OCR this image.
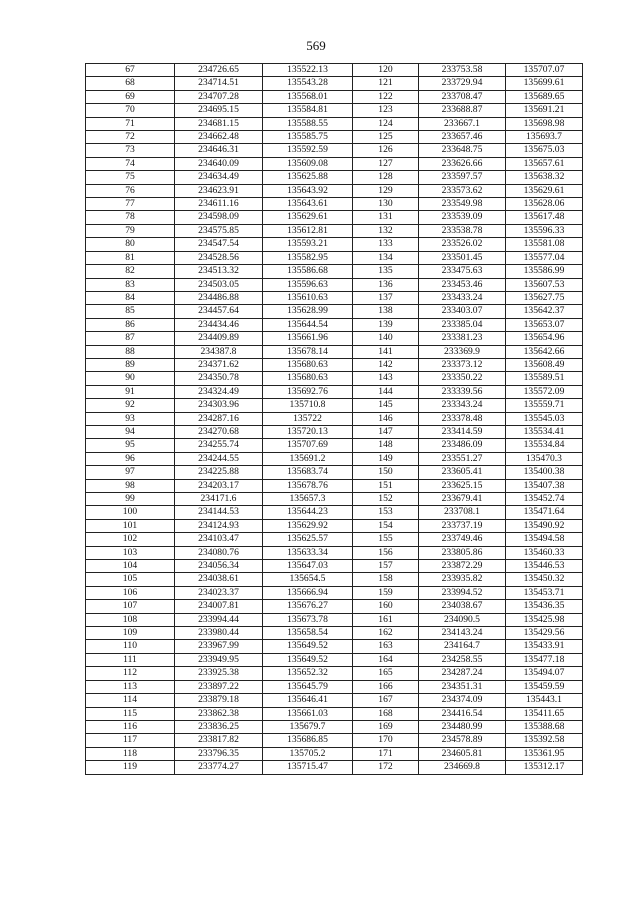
569
67	234726.65	135522.13	120	233753.58	135707.07
68	234714.51	135543.28	121	233729.94	135699.61
69	234707.28	135568.01	122	233708.47	135689.65
70	234695.15	135584.81	123	233688.87	135691.21
71	234681.15	135588.55	124	233667.1	135698.98
72	234662.48	135585.75	125	233657.46	135693.7
73	234646.31	135592.59	126	233648.75	135675.03
74	234640.09	135609.08	127	233626.66	135657.61
75	234634.49	135625.88	128	233597.57	135638.32
76	234623.91	135643.92	129	233573.62	135629.61
77	234611.16	135643.61	130	233549.98	135628.06
78	234598.09	135629.61	131	233539.09	135617.48
79	234575.85	135612.81	132	233538.78	135596.33
80	234547.54	135593.21	133	233526.02	135581.08
81	234528.56	135582.95	134	233501.45	135577.04
82	234513.32	135586.68	135	233475.63	135586.99
83	234503.05	135596.63	136	233453.46	135607.53
84	234486.88	135610.63	137	233433.24	135627.75
85	234457.64	135628.99	138	233403.07	135642.37
86	234434.46	135644.54	139	233385.04	135653.07
87	234409.89	135661.96	140	233381.23	135654.96
88	234387.8	135678.14	141	233369.9	135642.66
89	234371.62	135680.63	142	233373.12	135608.49
90	234350.78	135680.63	143	233350.22	135589.51
91	234324.49	135692.76	144	233339.56	135572.09
92	234303.96	135710.8	145	233343.24	135559.71
93	234287.16	135722	146	233378.48	135545.03
94	234270.68	135720.13	147	233414.59	135534.41
95	234255.74	135707.69	148	233486.09	135534.84
96	234244.55	135691.2	149	233551.27	135470.3
97	234225.88	135683.74	150	233605.41	135400.38
98	234203.17	135678.76	151	233625.15	135407.38
99	234171.6	135657.3	152	233679.41	135452.74
100	234144.53	135644.23	153	233708.1	135471.64
101	234124.93	135629.92	154	233737.19	135490.92
102	234103.47	135625.57	155	233749.46	135494.58
103	234080.76	135633.34	156	233805.86	135460.33
104	234056.34	135647.03	157	233872.29	135446.53
105	234038.61	135654.5	158	233935.82	135450.32
106	234023.37	135666.94	159	233994.52	135453.71
107	234007.81	135676.27	160	234038.67	135436.35
108	233994.44	135673.78	161	234090.5	135425.98
109	233980.44	135658.54	162	234143.24	135429.56
110	233967.99	135649.52	163	234164.7	135433.91
111	233949.95	135649.52	164	234258.55	135477.18
112	233925.38	135652.32	165	234287.24	135494.07
113	233897.22	135645.79	166	234351.31	135459.59
114	233879.18	135646.41	167	234374.09	135443.1
115	233862.38	135661.03	168	234416.54	135411.65
116	233836.25	135679.7	169	234480.99	135388.68
117	233817.82	135686.85	170	234578.89	135392.58
118	233796.35	135705.2	171	234605.81	135361.95
119	233774.27	135715.47	172	234669.8	135312.17
